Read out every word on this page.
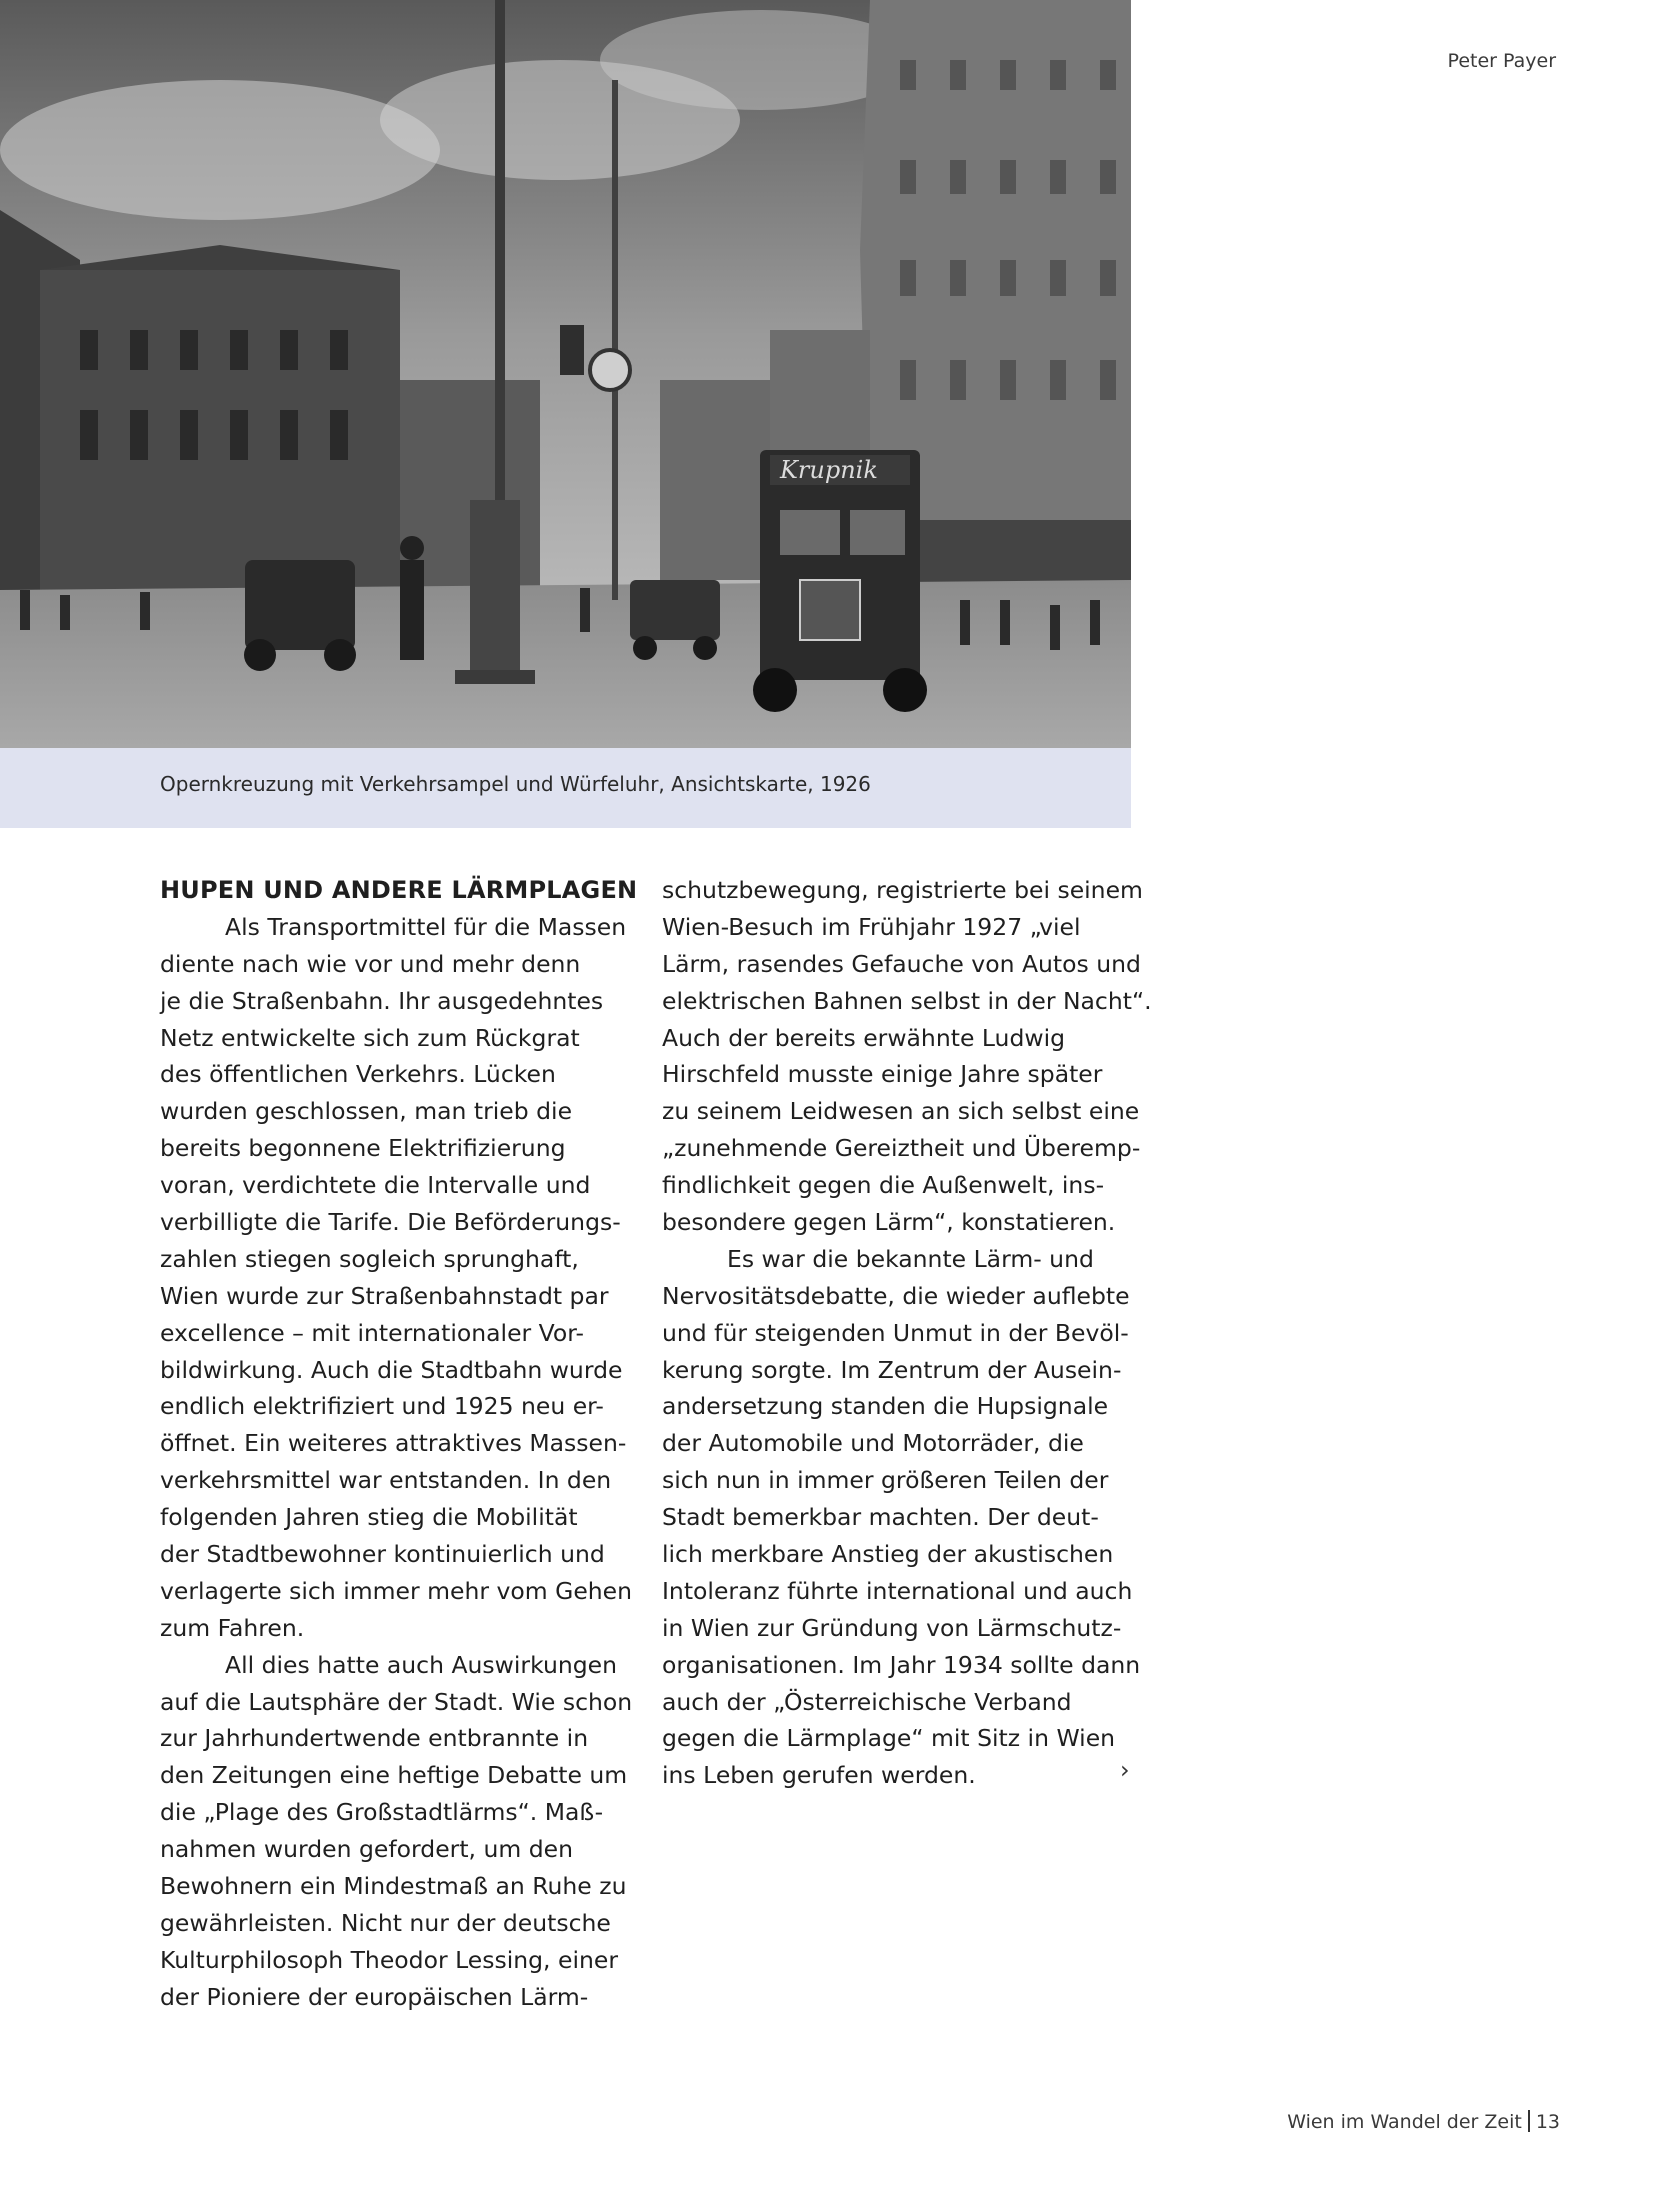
Peter Payer
Krupnik
Opernkreuzung mit Verkehrsampel und Würfeluhr, Ansichtskarte, 1926
HUPEN UND ANDERE LÄRMPLAGEN
Als Transportmittel für die Massen
diente nach wie vor und mehr denn
je die Straßenbahn. Ihr ausgedehntes
Netz entwickelte sich zum Rückgrat
des öffentlichen Verkehrs. Lücken
wurden geschlossen, man trieb die
bereits begonnene Elektrifizierung
voran, verdichtete die Intervalle und
verbilligte die Tarife. Die Beförderungs-
zahlen stiegen sogleich sprunghaft,
Wien wurde zur Straßenbahnstadt par
excellence – mit internationaler Vor-
bildwirkung. Auch die Stadtbahn wurde
endlich elektrifiziert und 1925 neu er-
öffnet. Ein weiteres attraktives Massen-
verkehrsmittel war entstanden. In den
folgenden Jahren stieg die Mobilität
der Stadtbewohner kontinuierlich und
verlagerte sich immer mehr vom Gehen
zum Fahren.
All dies hatte auch Auswirkungen
auf die Lautsphäre der Stadt. Wie schon
zur Jahrhundertwende entbrannte in
den Zeitungen eine heftige Debatte um
die „Plage des Großstadtlärms“. Maß-
nahmen wurden gefordert, um den
Bewohnern ein Mindestmaß an Ruhe zu
gewährleisten. Nicht nur der deutsche
Kulturphilosoph Theodor Lessing, einer
der Pioniere der europäischen Lärm-
schutzbewegung, registrierte bei seinem
Wien-Besuch im Frühjahr 1927 „viel
Lärm, rasendes Gefauche von Autos und
elektrischen Bahnen selbst in der Nacht“.
Auch der bereits erwähnte Ludwig
Hirschfeld musste einige Jahre später
zu seinem Leidwesen an sich selbst eine
„zunehmende Gereiztheit und Überemp-
findlichkeit gegen die Außenwelt, ins-
besondere gegen Lärm“, konstatieren.
Es war die bekannte Lärm- und
Nervositätsdebatte, die wieder auflebte
und für steigenden Unmut in der Bevöl-
kerung sorgte. Im Zentrum der Ausein-
andersetzung standen die Hupsignale
der Automobile und Motorräder, die
sich nun in immer größeren Teilen der
Stadt bemerkbar machten. Der deut-
lich merkbare Anstieg der akustischen
Intoleranz führte international und auch
in Wien zur Gründung von Lärmschutz-
organisationen. Im Jahr 1934 sollte dann
auch der „Österreichische Verband
gegen die Lärmplage“ mit Sitz in Wien
ins Leben gerufen werden.	›
Wien im Wandel der Zeit 13
